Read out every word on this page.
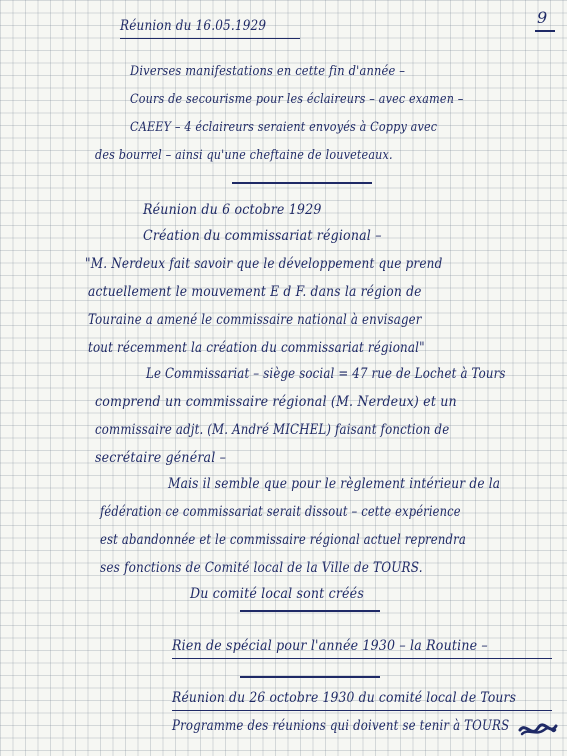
9
Réunion du 16.05.1929
Diverses manifestations en cette fin d'année –
Cours de secourisme pour les éclaireurs – avec examen –
CAEEY – 4 éclaireurs seraient envoyés à Coppy avec
des bourrel – ainsi qu'une cheftaine de louveteaux.
Réunion du 6 octobre 1929
Création du commissariat régional –
"M. Nerdeux fait savoir que le développement que prend
actuellement le mouvement E d F. dans la région de
Touraine a amené le commissaire national à envisager
tout récemment la création du commissariat régional"
Le Commissariat – siège social = 47 rue de Lochet à Tours
comprend un commissaire régional (M. Nerdeux) et un
commissaire adjt. (M. André MICHEL) faisant fonction de
secrétaire général –
Mais il semble que pour le règlement intérieur de la
fédération ce commissariat serait dissout – cette expérience
est abandonnée et le commissaire régional actuel reprendra
ses fonctions de Comité local de la Ville de TOURS.
Du comité local sont créés
Rien de spécial pour l'année 1930 – la Routine –
Réunion du 26 octobre 1930 du comité local de Tours
Programme des réunions qui doivent se tenir à TOURS
